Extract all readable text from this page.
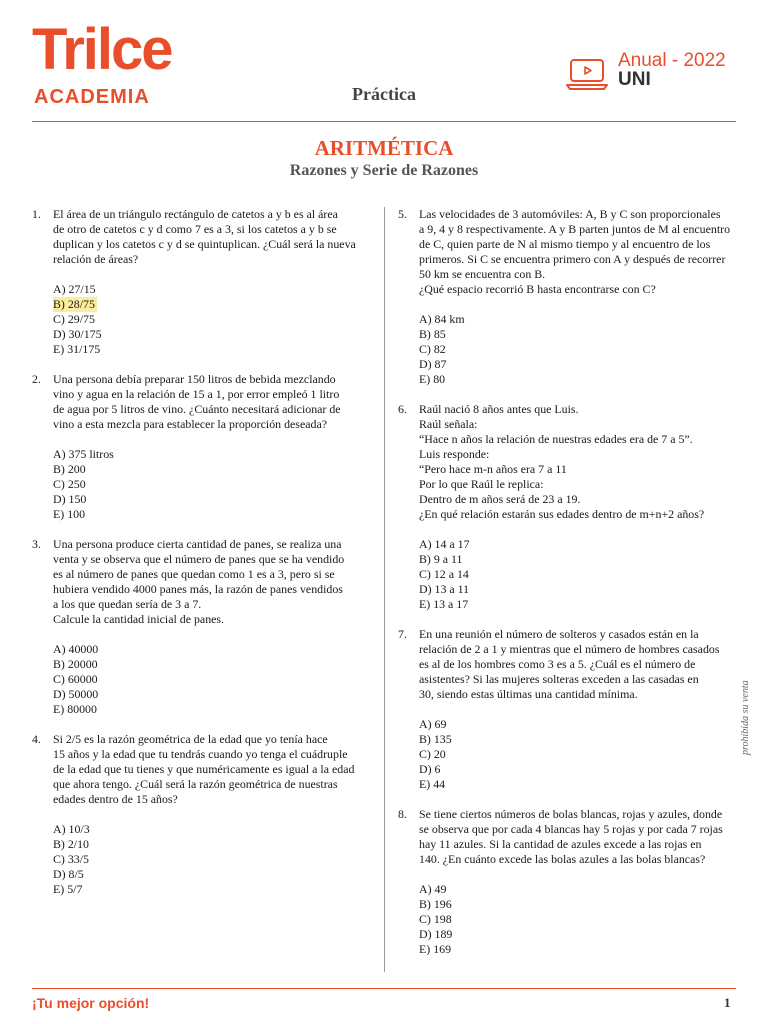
Trilce
ACADEMIA
Anual - 2022
UNI
Práctica
ARITMÉTICA
Razones y Serie de Razones
1. El área de un triángulo rectángulo de catetos a y b es al área
de otro de catetos c y d como 7 es a 3, si los catetos a y b se
duplican y los catetos c y d se quintuplican. ¿Cuál será la nueva
relación de áreas?
A) 27/15
B) 28/75
C) 29/75
D) 30/175
E) 31/175
2. Una persona debía preparar 150 litros de bebida mezclando
vino y agua en la relación de 15 a 1, por error empleó 1 litro
de agua por 5 litros de vino. ¿Cuánto necesitará adicionar de
vino a esta mezcla para establecer la proporción deseada?
A) 375 litros
B) 200
C) 250
D) 150
E) 100
3. Una persona produce cierta cantidad de panes, se realiza una
venta y se observa que el número de panes que se ha vendido
es al número de panes que quedan como 1 es a 3, pero si se
hubiera vendido 4000 panes más, la razón de panes vendidos
a los que quedan sería de 3 a 7.
Calcule la cantidad inicial de panes.
A) 40000
B) 20000
C) 60000
D) 50000
E) 80000
4. Si 2/5 es la razón geométrica de la edad que yo tenía hace
15 años y la edad que tu tendrás cuando yo tenga el cuádruple
de la edad que tu tienes y que numéricamente es igual a la edad
que ahora tengo. ¿Cuál será la razón geométrica de nuestras
edades dentro de 15 años?
A) 10/3
B) 2/10
C) 33/5
D) 8/5
E) 5/7
5. Las velocidades de 3 automóviles: A, B y C son proporcionales
a 9, 4 y 8 respectivamente. A y B parten juntos de M al encuentro
de C, quien parte de N al mismo tiempo y al encuentro de los
primeros. Si C se encuentra primero con A y después de recorrer
50 km se encuentra con B.
¿Qué espacio recorrió B hasta encontrarse con C?
A) 84 km
B) 85
C) 82
D) 87
E) 80
6. Raúl nació 8 años antes que Luis.
Raúl señala:
“Hace n años la relación de nuestras edades era de 7 a 5”.
Luis responde:
“Pero hace m-n años era 7 a 11
Por lo que Raúl le replica:
Dentro de m años será de 23 a 19.
¿En qué relación estarán sus edades dentro de m+n+2 años?
A) 14 a 17
B) 9 a 11
C) 12 a 14
D) 13 a 11
E) 13 a 17
7. En una reunión el número de solteros y casados están en la
relación de 2 a 1 y mientras que el número de hombres casados
es al de los hombres como 3 es a 5. ¿Cuál es el número de
asistentes? Si las mujeres solteras exceden a las casadas en
30, siendo estas últimas una cantidad mínima.
A) 69
B) 135
C) 20
D) 6
E) 44
8. Se tiene ciertos números de bolas blancas, rojas y azules, donde
se observa que por cada 4 blancas hay 5 rojas y por cada 7 rojas
hay 11 azules. Si la cantidad de azules excede a las rojas en
140. ¿En cuánto excede las bolas azules a las bolas blancas?
A) 49
B) 196
C) 198
D) 189
E) 169
prohibida su venta
¡Tu mejor opción!	1
